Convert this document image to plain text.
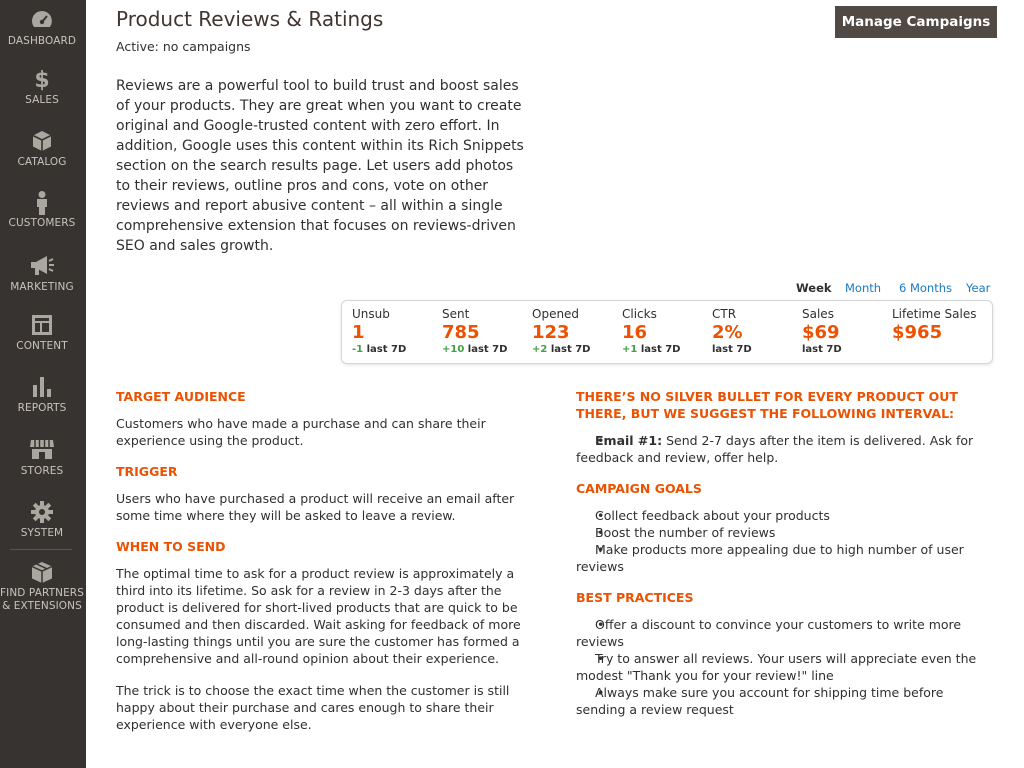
DASHBOARD
$
SALES
CATALOG
CUSTOMERS
MARKETING
CONTENT
REPORTS
STORES
SYSTEM
FIND PARTNERS
& EXTENSIONS
Product Reviews & Ratings
Active: no campaigns
Manage Campaigns

Reviews are a powerful tool to build trust and boost sales of your products. They are great when you want to create original and Google-trusted content with zero effort. In addition, Google uses this content within its Rich Snippets section on the search results page. Let users add photos to their reviews, outline pros and cons, vote on other reviews and report abusive content – all within a single comprehensive extension that focuses on reviews-driven SEO and sales growth.

Week Month 6 Months Year
Unsub
1
-1 last 7D
Sent
785
+10 last 7D
Opened
123
+2 last 7D
Clicks
16
+1 last 7D
CTR
2%
last 7D
Sales
$69
last 7D
Lifetime Sales
$965
TARGET AUDIENCE
Customers who have made a purchase and can share their experience using the product.
TRIGGER
Users who have purchased a product will receive an email after some time where they will be asked to leave a review.
WHEN TO SEND
The optimal time to ask for a product review is approximately a third into its lifetime. So ask for a review in 2-3 days after the product is delivered for short-lived products that are quick to be consumed and then discarded. Wait asking for feedback of more long-lasting things until you are sure the customer has formed a comprehensive and all-round opinion about their experience.
The trick is to choose the exact time when the customer is still happy about their purchase and cares enough to share their experience with everyone else.
THERE’S NO SILVER BULLET FOR EVERY PRODUCT OUT THERE, BUT WE SUGGEST THE FOLLOWING INTERVAL:
• Email #1: Send 2-7 days after the item is delivered. Ask for feedback and review, offer help.
CAMPAIGN GOALS
• Collect feedback about your products
• Boost the number of reviews
• Make products more appealing due to high number of user reviews
BEST PRACTICES
• Offer a discount to convince your customers to write more reviews
• Try to answer all reviews. Your users will appreciate even the modest "Thank you for your review!" line
• Always make sure you account for shipping time before sending a review request
